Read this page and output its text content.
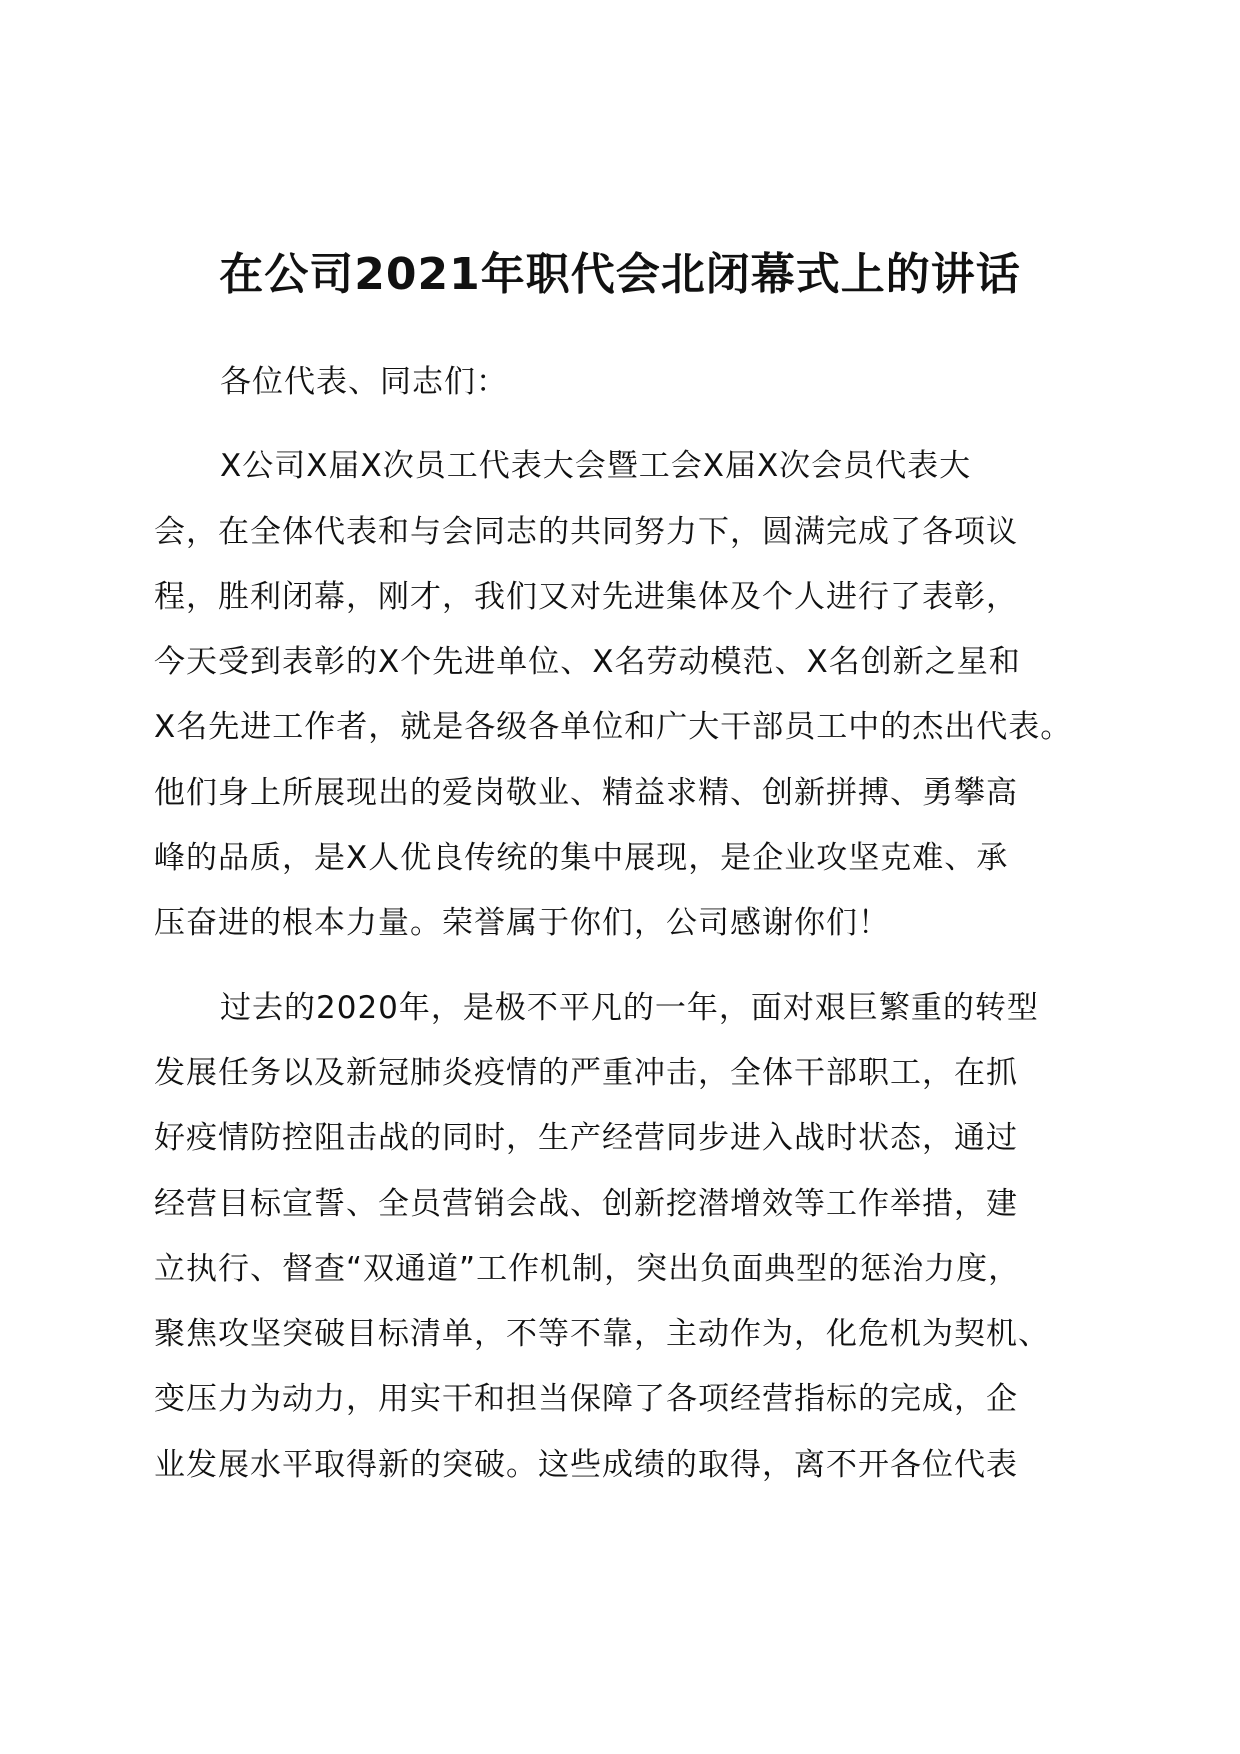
在公司2021年职代会北闭幕式上的讲话

各位代表、同志们：

X公司X届X次员工代表大会暨工会X届X次会员代表大
会，在全体代表和与会同志的共同努力下，圆满完成了各项议
程，胜利闭幕，刚才，我们又对先进集体及个人进行了表彰，
今天受到表彰的X个先进单位、X名劳动模范、X名创新之星和
X名先进工作者，就是各级各单位和广大干部员工中的杰出代表。
他们身上所展现出的爱岗敬业、精益求精、创新拼搏、勇攀高
峰的品质，是X人优良传统的集中展现，是企业攻坚克难、承
压奋进的根本力量。荣誉属于你们，公司感谢你们！

过去的2020年，是极不平凡的一年，面对艰巨繁重的转型
发展任务以及新冠肺炎疫情的严重冲击，全体干部职工，在抓
好疫情防控阻击战的同时，生产经营同步进入战时状态，通过
经营目标宣誓、全员营销会战、创新挖潜增效等工作举措，建
立执行、督查“双通道”工作机制，突出负面典型的惩治力度，
聚焦攻坚突破目标清单，不等不靠，主动作为，化危机为契机、
变压力为动力，用实干和担当保障了各项经营指标的完成，企
业发展水平取得新的突破。这些成绩的取得，离不开各位代表
